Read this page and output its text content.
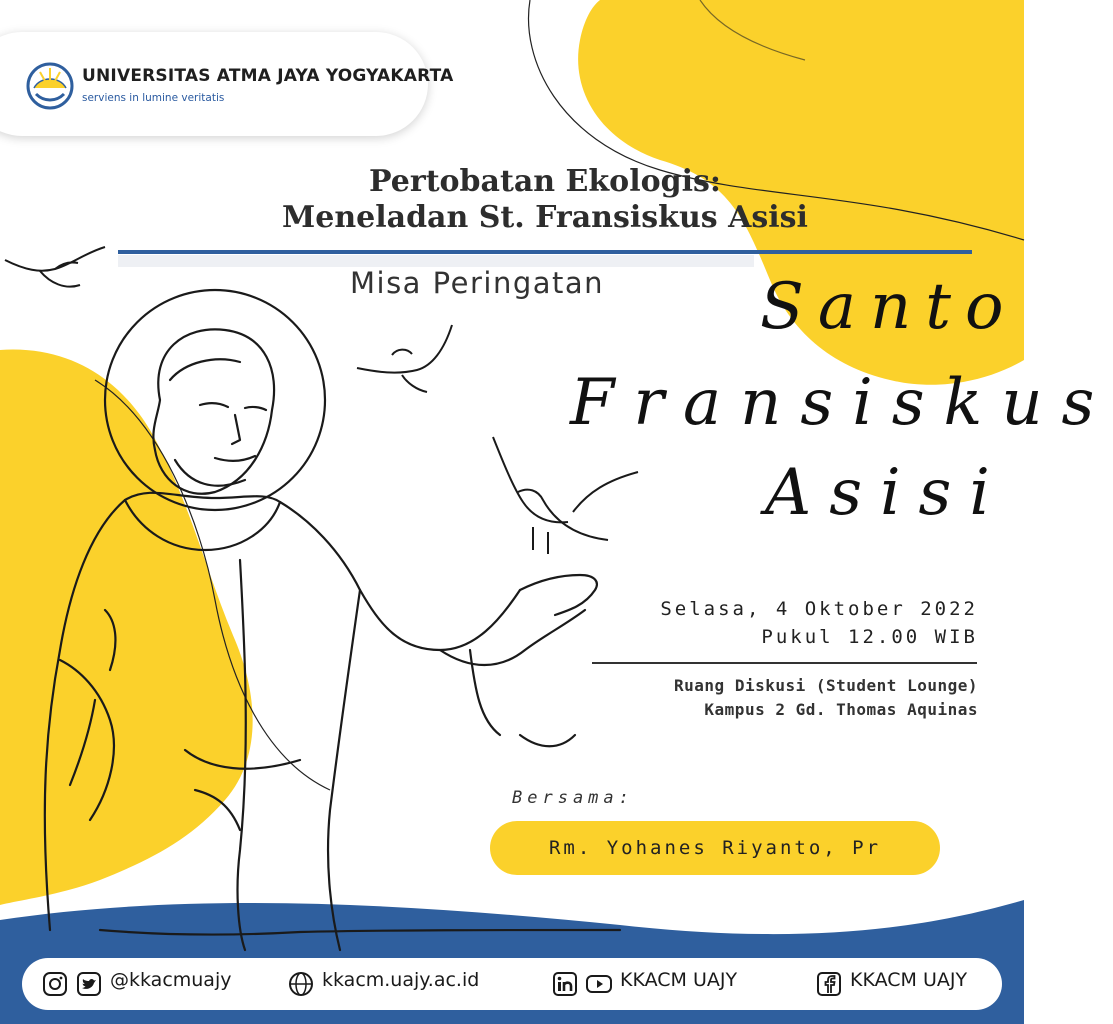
UNIVERSITAS ATMA JAYA YOGYAKARTA
serviens in lumine veritatis
Pertobatan Ekologis:
Meneladan St. Fransiskus Asisi
Misa Peringatan Santo
Fransiskus
Asisi
Selasa, 4 Oktober 2022
Pukul 12.00 WIB
Ruang Diskusi (Student Lounge)
Kampus 2 Gd. Thomas Aquinas
Bersama:
Rm. Yohanes Riyanto, Pr
@kkacmuajy	kkacm.uajy.ac.id	KKACM UAJY	KKACM UAJY
